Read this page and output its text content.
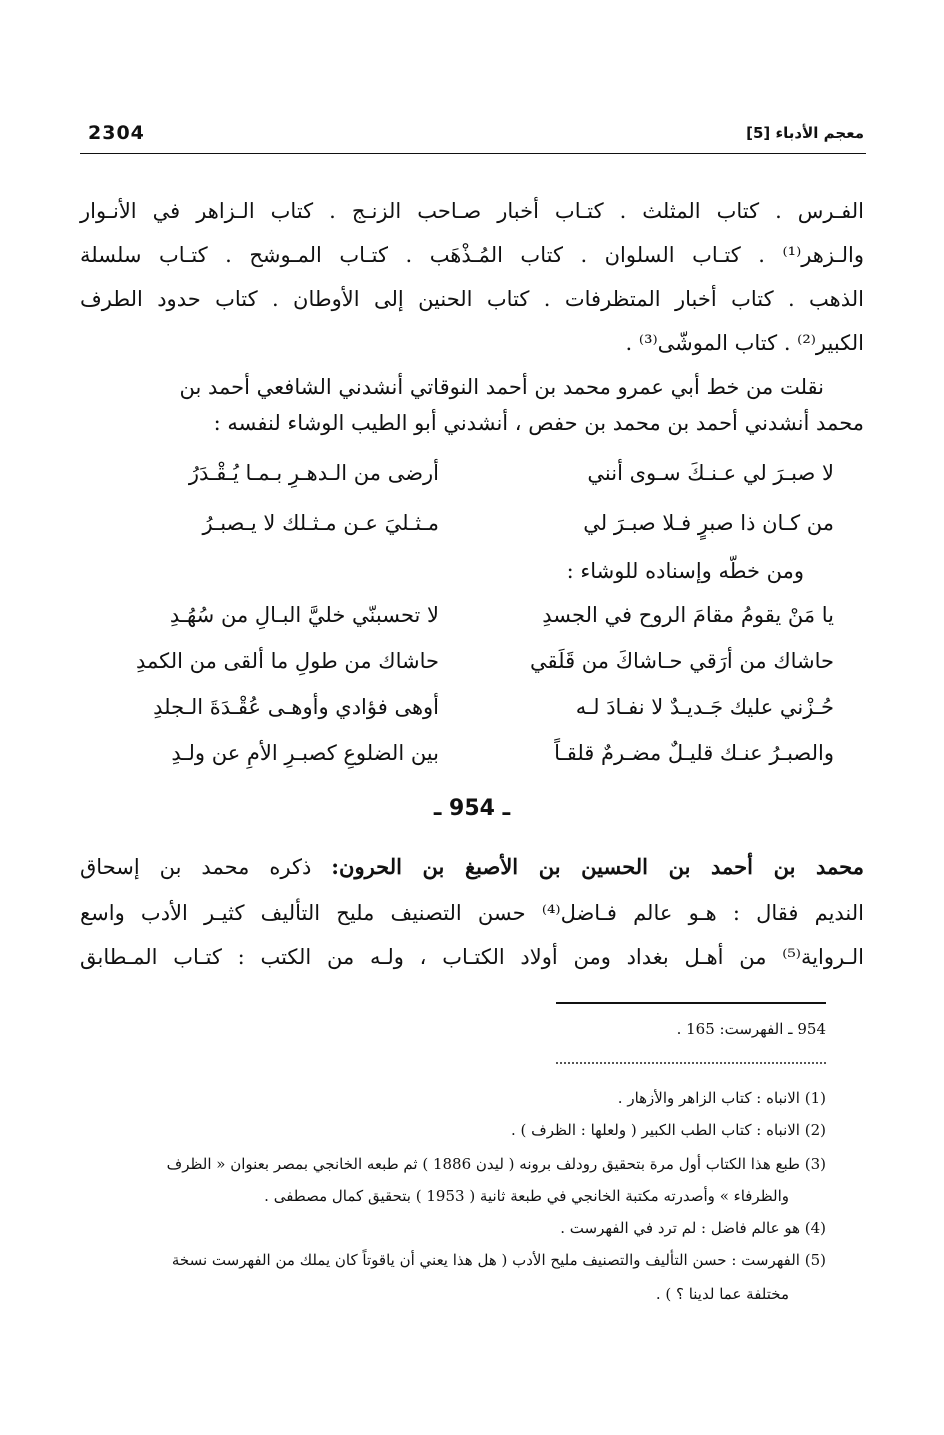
2304	معجم الأدباء [5]
الفـرس . كتاب المثلث . كتـاب أخبار صـاحب الزنـج . كتاب الـزاهر في الأنـوار
والـزهر⁽¹⁾ . كتـاب السلوان . كتاب المُـذْهَب . كتـاب المـوشح . كتـاب سلسلة
الذهب . كتاب أخبار المتظرفات . كتاب الحنين إلى الأوطان . كتاب حدود الطرف
الكبير⁽²⁾ . كتاب الموشّى⁽³⁾ .
نقلت من خط أبي عمرو محمد بن أحمد النوقاتي أنشدني الشافعي أحمد بن
محمد أنشدني أحمد بن محمد بن حفص ، أنشدني أبو الطيب الوشاء لنفسه :
لا صبـرَ لي عـنـكَ سـوى أنني
أرضى من الـدهـرِ بـمـا يُـقْـدَرُ
من كـان ذا صبرٍ فـلا صبـرَ لي
مـثـليَ عـن مـثـلك لا يـصبـرُ
ومن خطّه وإسناده للوشاء :
يا مَنْ يقومُ مقامَ الروح في الجسدِ
لا تحسبنّي خليَّ البـالِ من سُهُـدِ
حاشاك من أرَقي حـاشاكَ من قَلَقي
حاشاك من طولِ ما ألقى من الكمدِ
حُـزْني عليك جَـديـدٌ لا نفـادَ لـه
أوهى فؤادي وأوهـى عُقْـدَةَ الـجلدِ
والصبـرُ عنـك قليـلٌ مضـرمٌ قلقـاً
بين الضلوعِ كصبـرِ الأمِ عن ولـدِ
ـ 954 ـ
محمد بن أحمد بن الحسين بن الأصبغ بن الحرون: ذكره محمد بن إسحاق
النديم فقال : هـو عالم فـاضل⁽⁴⁾ حسن التصنيف مليح التأليف كثيـر الأدب واسع
الـرواية⁽⁵⁾ من أهـل بغداد ومن أولاد الكتـاب ، ولـه من الكتب : كتـاب المـطابق
954 ـ الفهرست: 165 .
(1) الانباه : كتاب الزاهر والأزهار .
(2) الانباه : كتاب الطب الكبير ( ولعلها : الظرف ) .
(3) طبع هذا الكتاب أول مرة بتحقيق رودلف برونه ( ليدن 1886 ) ثم طبعه الخانجي بمصر بعنوان « الظرف
والظرفاء » وأصدرته مكتبة الخانجي في طبعة ثانية ( 1953 ) بتحقيق كمال مصطفى .
(4) هو عالم فاضل : لم ترد في الفهرست .
(5) الفهرست : حسن التأليف والتصنيف مليح الأدب ( هل هذا يعني أن ياقوتاً كان يملك من الفهرست نسخة
مختلفة عما لدينا ؟ ) .
